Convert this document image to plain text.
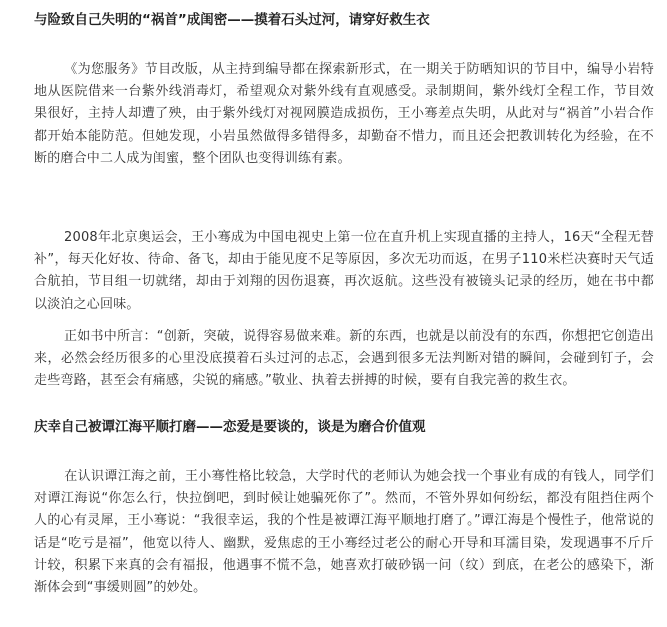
与险致自己失明的“祸首”成闺密——摸着石头过河，请穿好救生衣

《为您服务》节目改版，从主持到编导都在探索新形式，在一期关于防晒知识的节目中，编导小岩特地从医院借来一台紫外线消毒灯，希望观众对紫外线有直观感受。录制期间，紫外线灯全程工作，节目效果很好，主持人却遭了殃，由于紫外线灯对视网膜造成损伤，王小骞差点失明，从此对与“祸首”小岩合作都开始本能防范。但她发现，小岩虽然做得多错得多，却勤奋不惜力，而且还会把教训转化为经验，在不断的磨合中二人成为闺蜜，整个团队也变得训练有素。

2008年北京奥运会，王小骞成为中国电视史上第一位在直升机上实现直播的主持人，16天“全程无替补”，每天化好妆、待命、备飞，却由于能见度不足等原因，多次无功而返，在男子110米栏决赛时天气适合航拍，节目组一切就绪，却由于刘翔的因伤退赛，再次返航。这些没有被镜头记录的经历，她在书中都以淡泊之心回味。

正如书中所言：“创新，突破，说得容易做来难。新的东西，也就是以前没有的东西，你想把它创造出来，必然会经历很多的心里没底摸着石头过河的忐忑，会遇到很多无法判断对错的瞬间，会碰到钉子，会走些弯路，甚至会有痛感，尖锐的痛感。”敬业、执着去拼搏的时候，要有自我完善的救生衣。

庆幸自己被谭江海平顺打磨——恋爱是要谈的，谈是为磨合价值观

在认识谭江海之前，王小骞性格比较急，大学时代的老师认为她会找一个事业有成的有钱人，同学们对谭江海说“你怎么行，快拉倒吧，到时候让她骗死你了”。然而，不管外界如何纷纭，都没有阻挡住两个人的心有灵犀，王小骞说：“我很幸运，我的个性是被谭江海平顺地打磨了。”谭江海是个慢性子，他常说的话是“吃亏是福”，他宽以待人、幽默，爱焦虑的王小骞经过老公的耐心开导和耳濡目染，发现遇事不斤斤计较，积累下来真的会有福报，他遇事不慌不急，她喜欢打破砂锅一问（纹）到底，在老公的感染下，渐渐体会到“事缓则圆”的妙处。
